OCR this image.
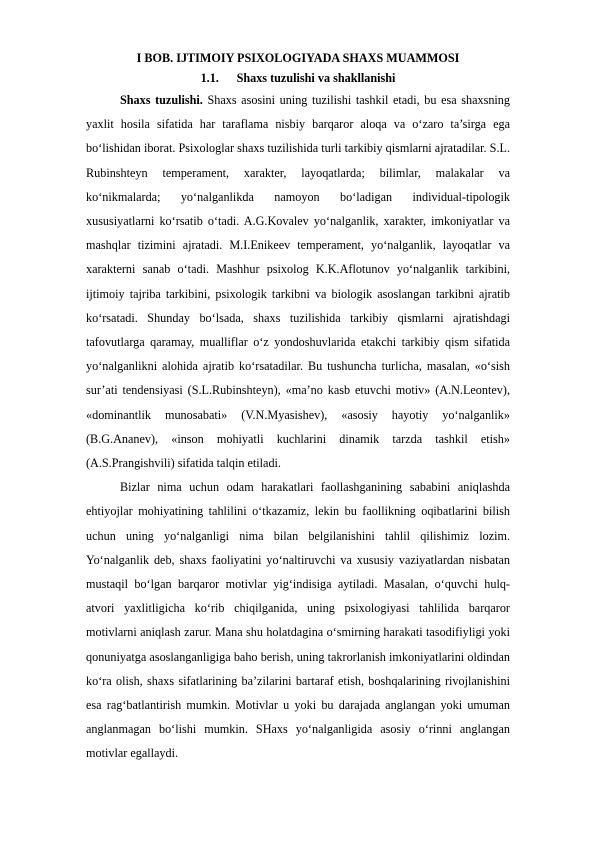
I BOB. IJTIMOIY PSIXOLOGIYADA SHAXS MUAMMOSI

1.1. Shaxs tuzulishi va shakllanishi

Shaxs tuzulishi. Shaxs asosini uning tuzilishi tashkil etadi, bu esa shaxsning yaxlit hosila sifatida har taraflama nisbiy barqaror aloqa va o‘zaro ta’sirga ega bo‘lishidan iborat. Psixologlar shaxs tuzilishida turli tarkibiy qismlarni ajratadilar. S.L. Rubinshteyn temperament, xarakter, layoqatlarda; bilimlar, malakalar va ko‘nikmalarda; yo‘nalganlikda namoyon bo‘ladigan individual-tipologik xususiyatlarni ko‘rsatib o‘tadi. A.G.Kovalev yo‘nalganlik, xarakter, imkoniyatlar va mashqlar tizimini ajratadi. M.I.Enikeev temperament, yo‘nalganlik, layoqatlar va xarakterni sanab o‘tadi. Mashhur psixolog K.K.Aflotunov yo‘nalganlik tarkibini, ijtimoiy tajriba tarkibini, psixologik tarkibni va biologik asoslangan tarkibni ajratib ko‘rsatadi. Shunday bo‘lsada, shaxs tuzilishida tarkibiy qismlarni ajratishdagi tafovutlarga qaramay, mualliflar o‘z yondoshuvlarida etakchi tarkibiy qism sifatida yo‘nalganlikni alohida ajratib ko‘rsatadilar. Bu tushuncha turlicha, masalan, «o‘sish sur’ati tendensiyasi (S.L.Rubinshteyn), «ma’no kasb etuvchi motiv» (A.N.Leontev), «dominantlik munosabati» (V.N.Myasishev), «asosiy hayotiy yo‘nalganlik» (B.G.Ananev), «inson mohiyatli kuchlarini dinamik tarzda tashkil etish» (A.S.Prangishvili) sifatida talqin etiladi.

Bizlar nima uchun odam harakatlari faollashganining sababini aniqlashda ehtiyojlar mohiyatining tahlilini o‘tkazamiz, lekin bu faollikning oqibatlarini bilish uchun uning yo‘nalganligi nima bilan belgilanishini tahlil qilishimiz lozim. Yo‘nalganlik deb, shaxs faoliyatini yo‘naltiruvchi va xususiy vaziyatlardan nisbatan mustaqil bo‘lgan barqaror motivlar yig‘indisiga aytiladi. Masalan, o‘quvchi hulq-atvori yaxlitligicha ko‘rib chiqilganida, uning psixologiyasi tahlilida barqaror motivlarni aniqlash zarur. Mana shu holatdagina o‘smirning harakati tasodifiyligi yoki qonuniyatga asoslanganligiga baho berish, uning takrorlanish imkoniyatlarini oldindan ko‘ra olish, shaxs sifatlarining ba’zilarini bartaraf etish, boshqalarining rivojlanishini esa rag‘batlantirish mumkin. Motivlar u yoki bu darajada anglangan yoki umuman anglanmagan bo‘lishi mumkin. SHaxs yo‘nalganligida asosiy o‘rinni anglangan motivlar egallaydi.
